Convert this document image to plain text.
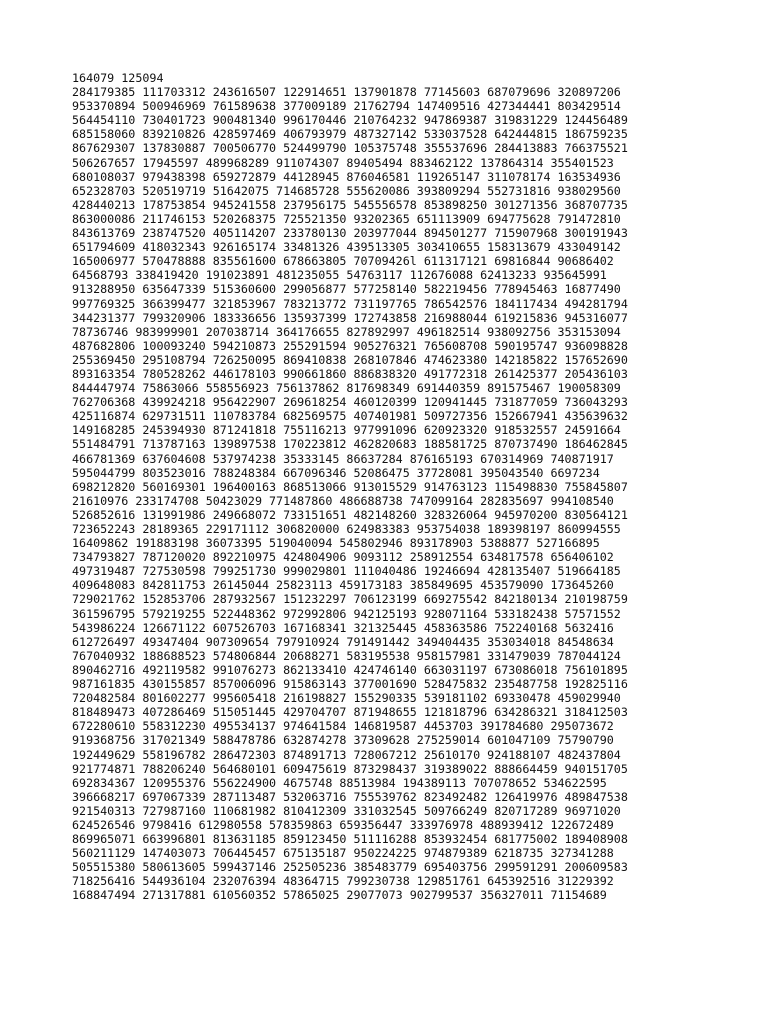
164079 125094
284179385 111703312 243616507 122914651 137901878 77145603 687079696 320897206
953370894 500946969 761589638 377009189 21762794 147409516 427344441 803429514
564454110 730401723 900481340 996170446 210764232 947869387 319831229 124456489
685158060 839210826 428597469 406793979 487327142 533037528 642444815 186759235
867629307 137830887 700506770 524499790 105375748 355537696 284413883 766375521
506267657 17945597 489968289 911074307 89405494 883462122 137864314 355401523
680108037 979438398 659272879 44128945 876046581 119265147 311078174 163534936
652328703 520519719 51642075 714685728 555620086 393809294 552731816 938029560
428440213 178753854 945241558 237956175 545556578 853898250 301271356 368707735
863000086 211746153 520268375 725521350 93202365 651113909 694775628 791472810
843613769 238747520 405114207 233780130 203977044 894501277 715907968 300191943
651794609 418032343 926165174 33481326 439513305 303410655 158313679 433049142
165006977 570478888 835561600 678663805 70709426l 611317121 69816844 90686402
64568793 338419420 191023891 481235055 54763117 112676088 62413233 935645991
913288950 635647339 515360600 299056877 577258140 582219456 778945463 16877490
997769325 366399477 321853967 783213772 731197765 786542576 184117434 494281794
344231377 799320906 183336656 135937399 172743858 216988044 619215836 945316077
78736746 983999901 207038714 364176655 827892997 496182514 938092756 353153094
487682806 100093240 594210873 255291594 905276321 765608708 590195747 936098828
255369450 295108794 726250095 869410838 268107846 474623380 142185822 157652690
893163354 780528262 446178103 990661860 886838320 491772318 261425377 205436103
844447974 75863066 558556923 756137862 817698349 691440359 891575467 190058309
762706368 439924218 956422907 269618254 460120399 120941445 731877059 736043293
425116874 629731511 110783784 682569575 407401981 509727356 152667941 435639632
149168285 245394930 871241818 755116213 977991096 620923320 918532557 24591664
551484791 713787163 139897538 170223812 462820683 188581725 870737490 186462845
466781369 637604608 537974238 35333145 86637284 876165193 670314969 740871917
595044799 803523016 788248384 667096346 52086475 37728081 395043540 6697234
698212820 560169301 196400163 868513066 913015529 914763123 115498830 755845807
21610976 233174708 50423029 771487860 486688738 747099164 282835697 994108540
526852616 131991986 249668072 733151651 482148260 328326064 945970200 830564121
723652243 28189365 229171112 306820000 624983383 953754038 189398197 860994555
16409862 191883198 36073395 519040094 545802946 893178903 5388877 527166895
734793827 787120020 892210975 424804906 9093112 258912554 634817578 656406102
497319487 727530598 799251730 999029801 111040486 19246694 428135407 519664185
409648083 842811753 26145044 25823113 459173183 385849695 453579090 173645260
729021762 152853706 287932567 151232297 706123199 669275542 842180134 210198759
361596795 579219255 522448362 972992806 942125193 928071164 533182438 57571552
543986224 126671122 607526703 167168341 321325445 458363586 752240168 5632416
612726497 49347404 907309654 797910924 791491442 349404435 353034018 84548634
767040932 188688523 574806844 20688271 583195538 958157981 331479039 787044124
890462716 492119582 991076273 862133410 424746140 663031197 673086018 756101895
987161835 430155857 857006096 915863143 377001690 528475832 235487758 192825116
720482584 801602277 995605418 216198827 155290335 539181102 69330478 459029940
818489473 407286469 515051445 429704707 871948655 121818796 634286321 318412503
672280610 558312230 495534137 974641584 146819587 4453703 391784680 295073672
919368756 317021349 588478786 632874278 37309628 275259014 601047109 75790790
192449629 558196782 286472303 874891713 728067212 25610170 924188107 482437804
921774871 788206240 564680101 609475619 873298437 319389022 888664459 940151705
692834367 120955376 556224900 4675748 88513984 194389113 707078652 534622595
396668217 697067339 287113487 532063716 755539762 823492482 126419976 489847538
921540313 727987160 110681982 810412309 331032545 509766249 820717289 96971020
624526546 9798416 612980558 578359863 659356447 333976978 488939412 122672489
869965071 663996801 813631185 859123450 511116288 853932454 681775002 189408908
560211129 147403073 706445457 675135187 950224225 974879389 6218735 327341288
505515380 580613605 599437146 252505236 385483779 695403756 299591291 200609583
718256416 544936104 232076394 48364715 799230738 129851761 645392516 31229392
168847494 271317881 610560352 57865025 29077073 902799537 356327011 71154689
